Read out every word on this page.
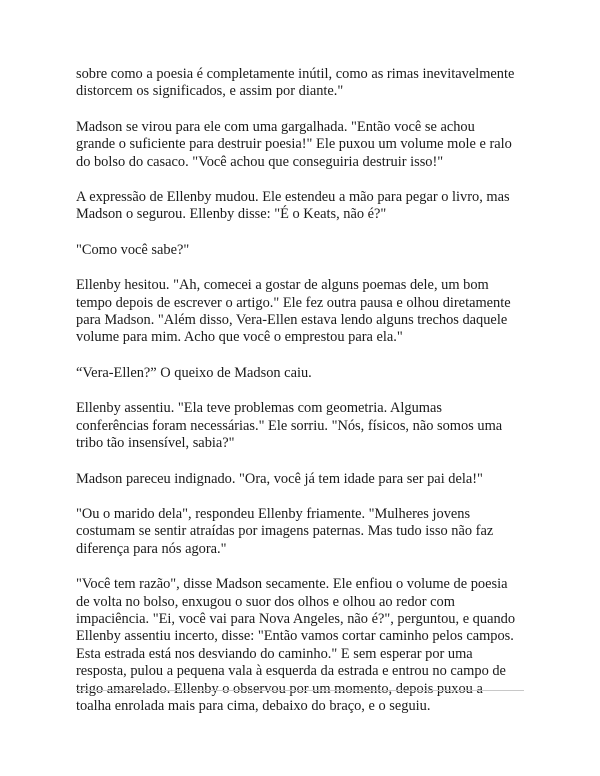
sobre como a poesia é completamente inútil, como as rimas inevitavelmente
distorcem os significados, e assim por diante."

Madson se virou para ele com uma gargalhada. "Então você se achou
grande o suficiente para destruir poesia!" Ele puxou um volume mole e ralo
do bolso do casaco. "Você achou que conseguiria destruir isso!"

A expressão de Ellenby mudou. Ele estendeu a mão para pegar o livro, mas
Madson o segurou. Ellenby disse: "É o Keats, não é?"

"Como você sabe?"

Ellenby hesitou. "Ah, comecei a gostar de alguns poemas dele, um bom
tempo depois de escrever o artigo." Ele fez outra pausa e olhou diretamente
para Madson. "Além disso, Vera-Ellen estava lendo alguns trechos daquele
volume para mim. Acho que você o emprestou para ela."

“Vera-Ellen?” O queixo de Madson caiu.

Ellenby assentiu. "Ela teve problemas com geometria. Algumas
conferências foram necessárias." Ele sorriu. "Nós, físicos, não somos uma
tribo tão insensível, sabia?"

Madson pareceu indignado. "Ora, você já tem idade para ser pai dela!"

"Ou o marido dela", respondeu Ellenby friamente. "Mulheres jovens
costumam se sentir atraídas por imagens paternas. Mas tudo isso não faz
diferença para nós agora."

"Você tem razão", disse Madson secamente. Ele enfiou o volume de poesia
de volta no bolso, enxugou o suor dos olhos e olhou ao redor com
impaciência. "Ei, você vai para Nova Angeles, não é?", perguntou, e quando
Ellenby assentiu incerto, disse: "Então vamos cortar caminho pelos campos.
Esta estrada está nos desviando do caminho." E sem esperar por uma
resposta, pulou a pequena vala à esquerda da estrada e entrou no campo de
trigo amarelado. Ellenby o observou por um momento, depois puxou a
toalha enrolada mais para cima, debaixo do braço, e o seguiu.
